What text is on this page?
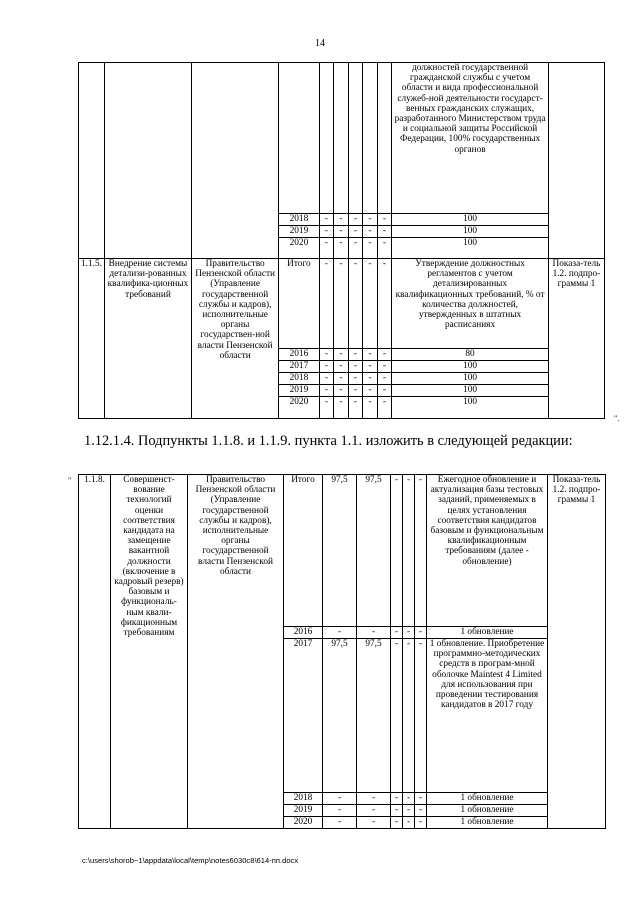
14
									должностей государственной гражданской службы с учетом области и вида профессиональной служеб-ной деятельности государст-венных гражданских служащих, разработанного Министерством труда и социальной защиты Российской Федерации, 100% государственных органов	
			2018	-	-	-	-	-	100	
			2019	-	-	-	-	-	100	
			2020	-	-	-	-	-	100	
1.1.5.	Внедрение системы детализи-рованных квалифика-ционных требований	Правительство Пензенской области (Управление государственной службы и кадров), исполнительные органы государствен-ной власти Пензенской области	Итого	-	-	-	-	-	Утверждение должностных регламентов с учетом детализированных квалификационных требований, % от количества должностей, утвержденных в штатных расписаниях	Показа-тель 1.2. подпро-граммы 1
			2016	-	-	-	-	-	80	
			2017	-	-	-	-	-	100	
			2018	-	-	-	-	-	100	
			2019	-	-	-	-	-	100	
			2020	-	-	-	-	-	100	
".
1.12.1.4. Подпункты 1.1.8. и 1.1.9. пункта 1.1. изложить в следующей редакции:
" 1.1.8.	Совершенст-вование технологий оценки соответствия кандидата на замещение вакантной должности (включение в кадровый резерв) базовым и функциональ-ным квали-фикационным требованиям	Правительство Пензенской области (Управление государственной службы и кадров), исполнительные органы государственной власти Пензенской области	Итого	97,5	97,5	-	-	-	Ежегодное обновление и актуализация базы тестовых заданий, применяемых в целях установления соответствия кандидатов базовым и функциональным квалификационным требованиям (далее - обновление)	Показа-тель 1.2. подпро-граммы 1
			2016	-	-	-	-	-	1 обновление	
			2017	97,5	97,5	-	-	-	1 обновление. Приобретение программно-методических средств в програм-мной оболочке Maintest 4 Limited для использования при проведении тестирования кандидатов в 2017 году	
			2018	-	-	-	-	-	1 обновление	
			2019	-	-	-	-	-	1 обновление	
			2020	-	-	-	-	-	1 обновление	
c:\users\shorob~1\appdata\local\temp\notes6030c8\614-пп.docx
